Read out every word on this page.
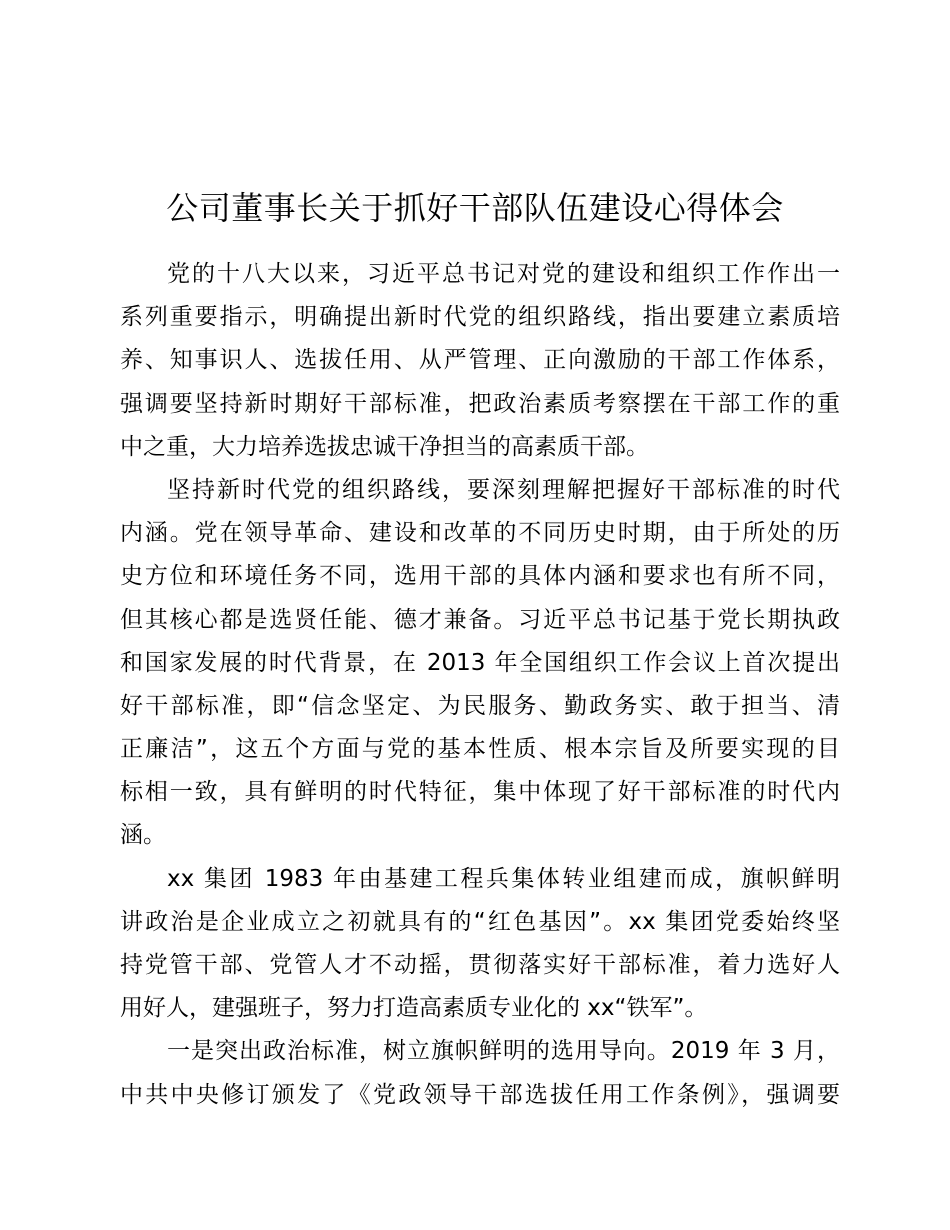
公司董事长关于抓好干部队伍建设心得体会
党的十八大以来，习近平总书记对党的建设和组织工作作出一
系列重要指示，明确提出新时代党的组织路线，指出要建立素质培
养、知事识人、选拔任用、从严管理、正向激励的干部工作体系，
强调要坚持新时期好干部标准，把政治素质考察摆在干部工作的重
中之重，大力培养选拔忠诚干净担当的高素质干部。
坚持新时代党的组织路线，要深刻理解把握好干部标准的时代
内涵。党在领导革命、建设和改革的不同历史时期，由于所处的历
史方位和环境任务不同，选用干部的具体内涵和要求也有所不同，
但其核心都是选贤任能、德才兼备。习近平总书记基于党长期执政
和国家发展的时代背景，在 2013 年全国组织工作会议上首次提出
好干部标准，即“信念坚定、为民服务、勤政务实、敢于担当、清
正廉洁”，这五个方面与党的基本性质、根本宗旨及所要实现的目
标相一致，具有鲜明的时代特征，集中体现了好干部标准的时代内
涵。
xx 集团 1983 年由基建工程兵集体转业组建而成，旗帜鲜明
讲政治是企业成立之初就具有的“红色基因”。xx 集团党委始终坚
持党管干部、党管人才不动摇，贯彻落实好干部标准，着力选好人
用好人，建强班子，努力打造高素质专业化的 xx“铁军”。
一是突出政治标准，树立旗帜鲜明的选用导向。2019 年 3 月，
中共中央修订颁发了《党政领导干部选拔任用工作条例》，强调要
